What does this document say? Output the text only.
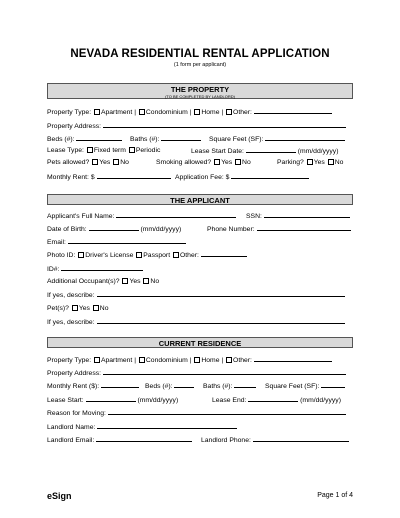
NEVADA RESIDENTIAL RENTAL APPLICATION
(1 form per applicant)
THE PROPERTY
(TO BE COMPLETED BY LANDLORD)
Property Type: Apartment | Condominium | Home | Other:
Property Address:
Beds (#):	Baths (#):	Square Feet (SF):
Lease Type: Fixed term Periodic	Lease Start Date:	(mm/dd/yyyy)
Pets allowed? Yes No	Smoking allowed? Yes No	Parking? Yes No
Monthly Rent: $	Application Fee: $
THE APPLICANT
Applicant's Full Name:	SSN:
Date of Birth:	(mm/dd/yyyy)	Phone Number:
Email:
Photo ID: Driver's License Passport Other:
ID#:
Additional Occupant(s)? Yes No
If yes, describe:
Pet(s)? Yes No
If yes, describe:
CURRENT RESIDENCE
Property Type: Apartment | Condominium | Home | Other:
Property Address:
Monthly Rent ($):	Beds (#):	Baths (#):	Square Feet (SF):
Lease Start:	(mm/dd/yyyy)	Lease End:	(mm/dd/yyyy)
Reason for Moving:
Landlord Name:
Landlord Email:	Landlord Phone:
eSign	Page 1 of 4
